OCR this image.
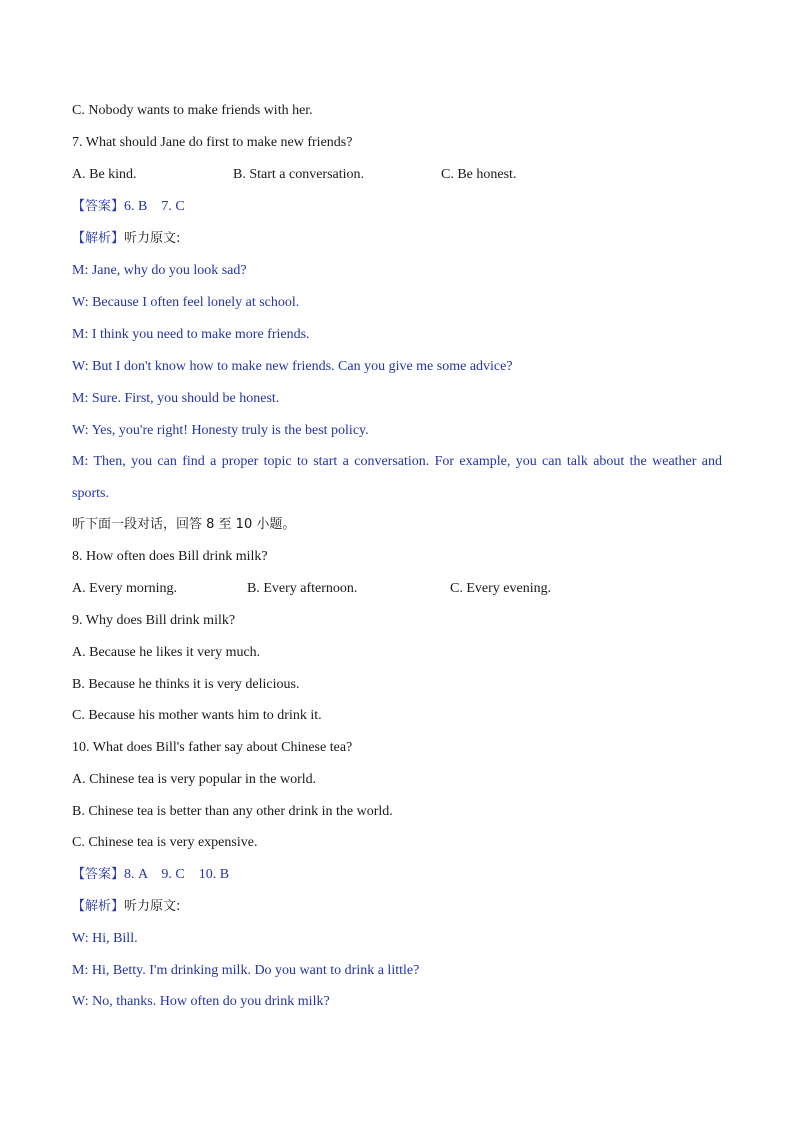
C. Nobody wants to make friends with her.
7. What should Jane do first to make new friends?
A. Be kind.	B. Start a conversation.	C. Be honest.
【答案】6. B    7. C
【解析】听力原文:
M: Jane, why do you look sad?
W: Because I often feel lonely at school.
M: I think you need to make more friends.
W: But I don't know how to make new friends. Can you give me some advice?
M: Sure. First, you should be honest.
W: Yes, you're right! Honesty truly is the best policy.
M: Then, you can find a proper topic to start a conversation. For example, you can talk about the weather and
sports.
听下面一段对话，回答 8 至 10 小题。
8. How often does Bill drink milk?
A. Every morning.	B. Every afternoon.	C. Every evening.
9. Why does Bill drink milk?
A. Because he likes it very much.
B. Because he thinks it is very delicious.
C. Because his mother wants him to drink it.
10. What does Bill's father say about Chinese tea?
A. Chinese tea is very popular in the world.
B. Chinese tea is better than any other drink in the world.
C. Chinese tea is very expensive.
【答案】8. A    9. C    10. B
【解析】听力原文:
W: Hi, Bill.
M: Hi, Betty. I'm drinking milk. Do you want to drink a little?
W: No, thanks. How often do you drink milk?
